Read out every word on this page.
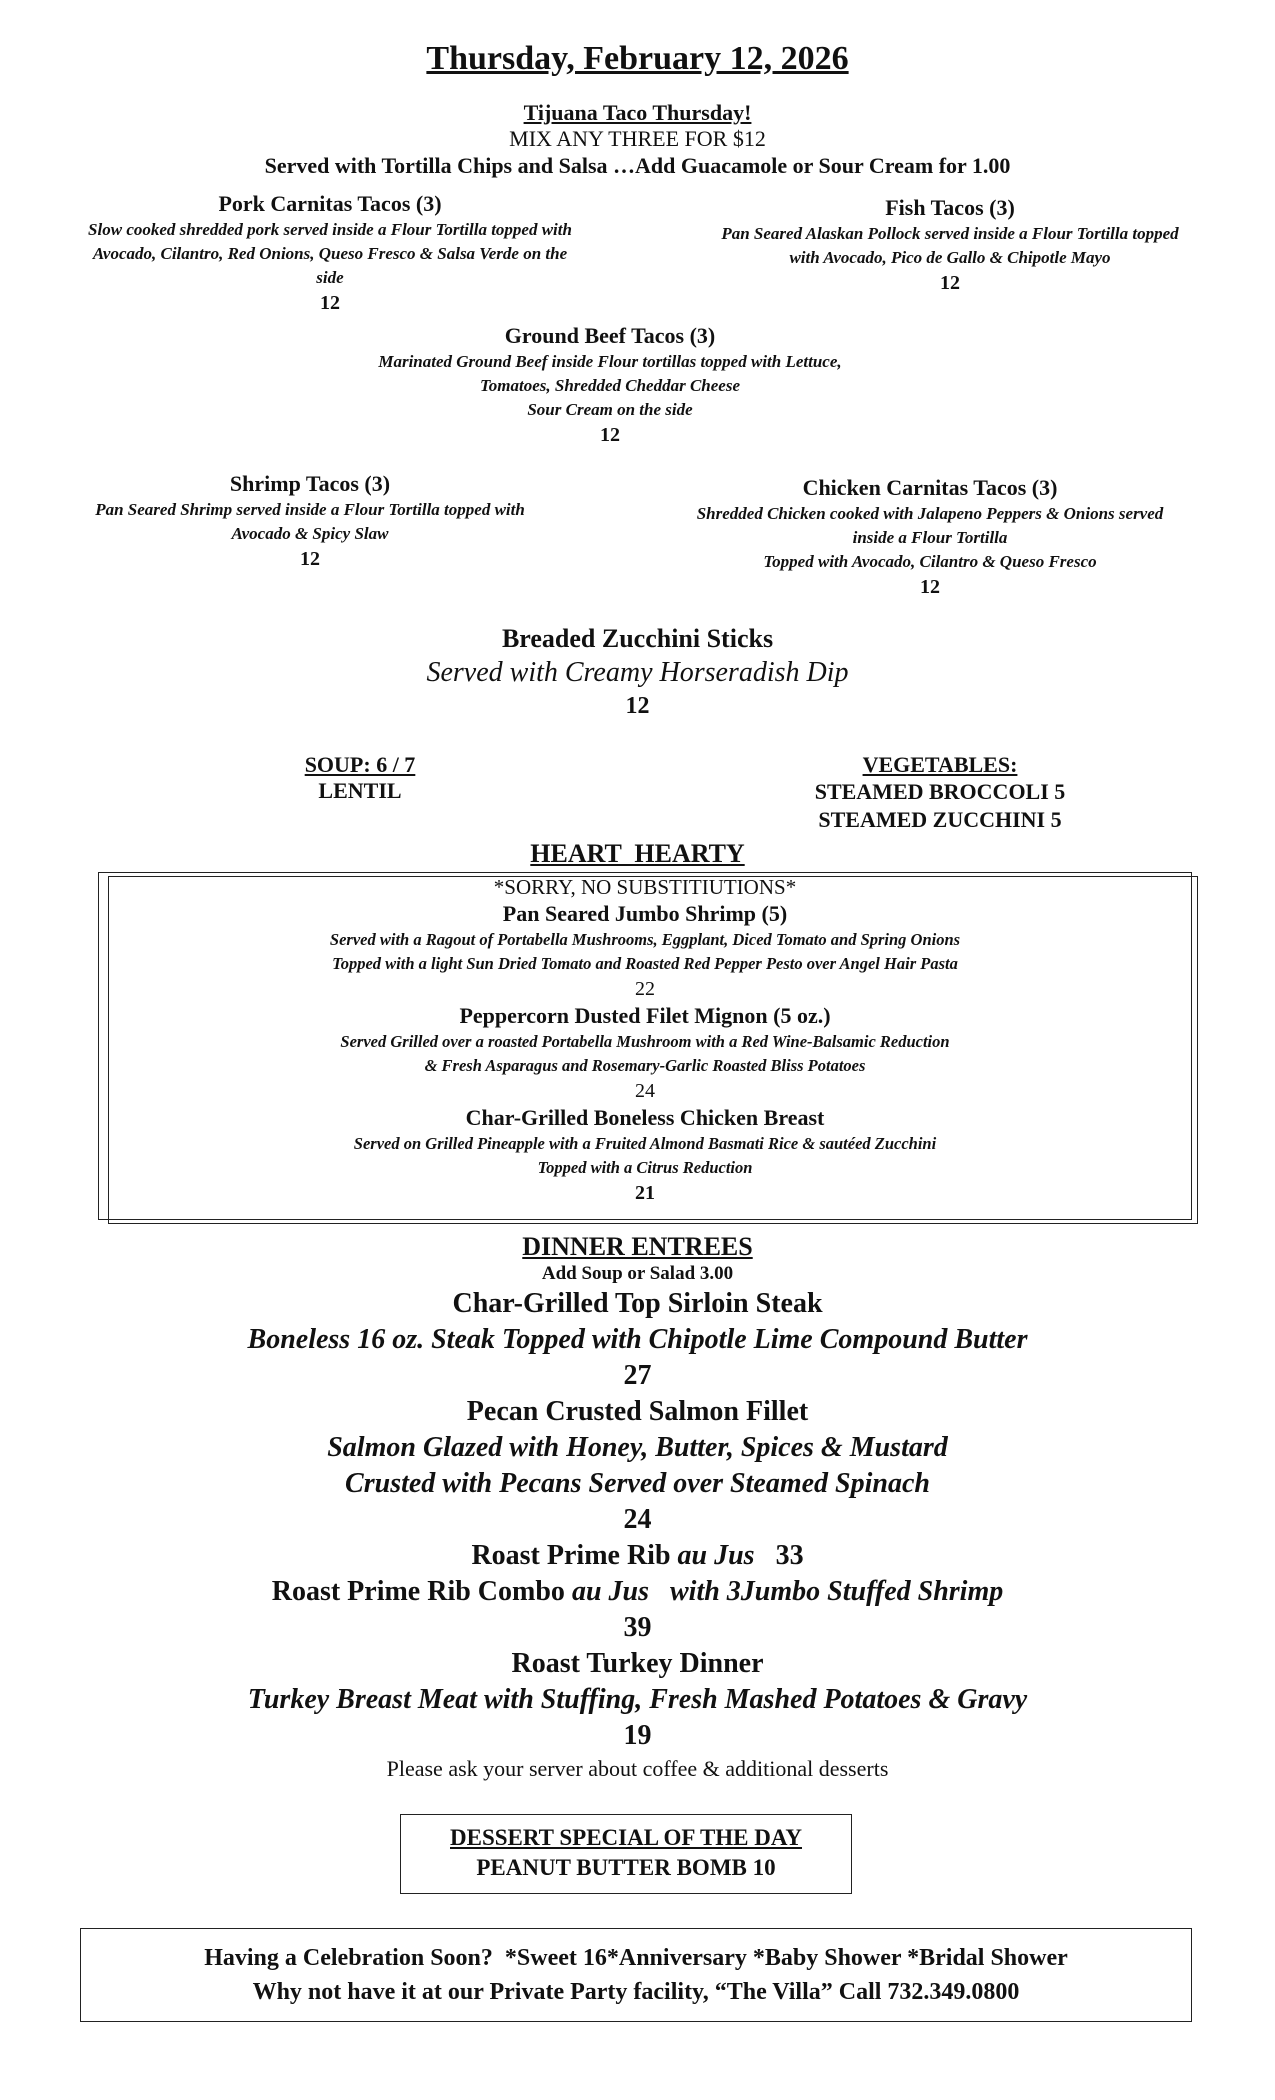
Thursday, February 12, 2026
Tijuana Taco Thursday!
MIX ANY THREE FOR $12
Served with Tortilla Chips and Salsa …Add Guacamole or Sour Cream for 1.00
Pork Carnitas Tacos (3)
Slow cooked shredded pork served inside a Flour Tortilla topped with
Avocado, Cilantro, Red Onions, Queso Fresco & Salsa Verde on the
side
12
Fish Tacos (3)
Pan Seared Alaskan Pollock served inside a Flour Tortilla topped
with Avocado, Pico de Gallo & Chipotle Mayo
12
Ground Beef Tacos (3)
Marinated Ground Beef inside Flour tortillas topped with Lettuce,
Tomatoes, Shredded Cheddar Cheese
Sour Cream on the side
12
Shrimp Tacos (3)
Pan Seared Shrimp served inside a Flour Tortilla topped with
Avocado & Spicy Slaw
12
Chicken Carnitas Tacos (3)
Shredded Chicken cooked with Jalapeno Peppers & Onions served
inside a Flour Tortilla
Topped with Avocado, Cilantro & Queso Fresco
12
Breaded Zucchini Sticks
Served with Creamy Horseradish Dip
12
SOUP: 6 / 7
LENTIL
VEGETABLES:
STEAMED BROCCOLI 5
STEAMED ZUCCHINI 5
HEART  HEARTY
*SORRY, NO SUBSTITIUTIONS*
Pan Seared Jumbo Shrimp (5)
Served with a Ragout of Portabella Mushrooms, Eggplant, Diced Tomato and Spring Onions
Topped with a light Sun Dried Tomato and Roasted Red Pepper Pesto over Angel Hair Pasta
22
Peppercorn Dusted Filet Mignon (5 oz.)
Served Grilled over a roasted Portabella Mushroom with a Red Wine-Balsamic Reduction
& Fresh Asparagus and Rosemary-Garlic Roasted Bliss Potatoes
24
Char-Grilled Boneless Chicken Breast
Served on Grilled Pineapple with a Fruited Almond Basmati Rice & sautéed Zucchini
Topped with a Citrus Reduction
21
DINNER ENTREES
Add Soup or Salad 3.00
Char-Grilled Top Sirloin Steak
Boneless 16 oz. Steak Topped with Chipotle Lime Compound Butter
27
Pecan Crusted Salmon Fillet
Salmon Glazed with Honey, Butter, Spices & Mustard
Crusted with Pecans Served over Steamed Spinach
24
Roast Prime Rib au Jus 33
Roast Prime Rib Combo au Jus with 3Jumbo Stuffed Shrimp
39
Roast Turkey Dinner
Turkey Breast Meat with Stuffing, Fresh Mashed Potatoes & Gravy
19
Please ask your server about coffee & additional desserts
DESSERT SPECIAL OF THE DAY
PEANUT BUTTER BOMB 10
Having a Celebration Soon?  *Sweet 16*Anniversary *Baby Shower *Bridal Shower
Why not have it at our Private Party facility, “The Villa” Call 732.349.0800
